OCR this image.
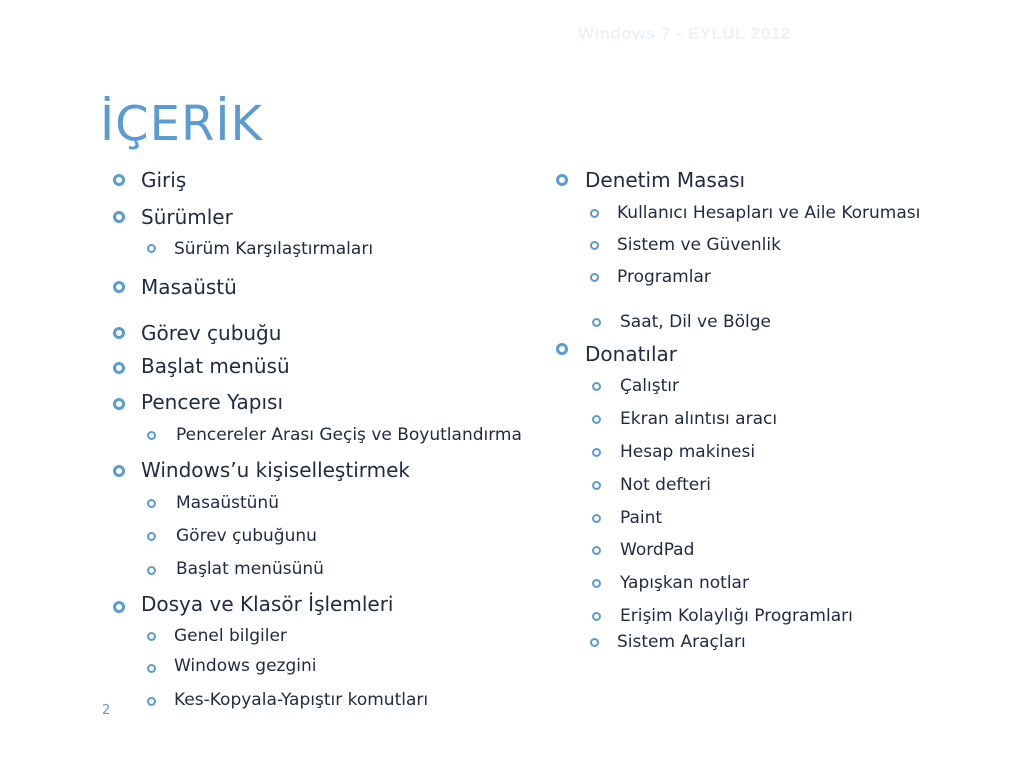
Windows 7 - EYLÜL 2012
İÇERİK
Giriş
Sürümler
Sürüm Karşılaştırmaları
Masaüstü
Görev çubuğu
Başlat menüsü
Pencere Yapısı
Pencereler Arası Geçiş ve Boyutlandırma
Windows’u kişiselleştirmek
Masaüstünü
Görev çubuğunu
Başlat menüsünü
Dosya ve Klasör İşlemleri
Genel bilgiler
Windows gezgini
Kes-Kopyala-Yapıştır komutları
Denetim Masası
Kullanıcı Hesapları ve Aile Koruması
Sistem ve Güvenlik
Programlar
Saat, Dil ve Bölge
Donatılar
Çalıştır
Ekran alıntısı aracı
Hesap makinesi
Not defteri
Paint
WordPad
Yapışkan notlar
Erişim Kolaylığı Programları
Sistem Araçları
2
